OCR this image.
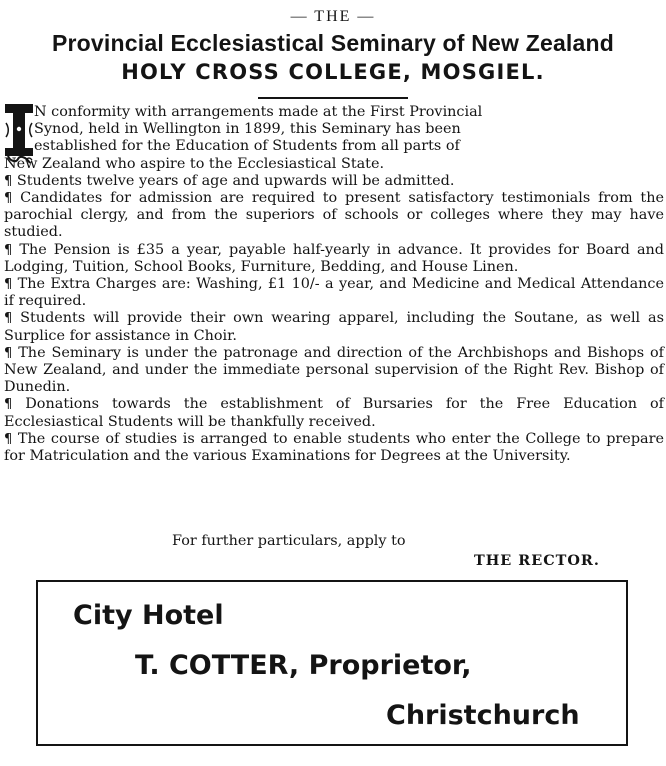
— THE —
Provincial Ecclesiastical Seminary of New Zealand
HOLY CROSS COLLEGE, MOSGIEL.

N conformity with arrangements made at the First Provincial
Synod, held in Wellington in 1899, this Seminary has been
established for the Education of Students from all parts of

New Zealand who aspire to the Ecclesiastical State.

¶ Students twelve years of age and upwards will be admitted.

¶ Candidates for admission are required to present satisfactory testimonials from the parochial clergy, and from the superiors of schools or colleges where they may have studied.

¶ The Pension is £35 a year, payable half-yearly in advance. It provides for Board and Lodging, Tuition, School Books, Furniture, Bedding, and House Linen.

¶ The Extra Charges are: Washing, £1 10/- a year, and Medicine and Medical Attendance if required.

¶ Students will provide their own wearing apparel, including the Soutane, as well as Surplice for assistance in Choir.

¶ The Seminary is under the patronage and direction of the Archbishops and Bishops of New Zealand, and under the immediate personal supervision of the Right Rev. Bishop of Dunedin.

¶ Donations towards the establishment of Bursaries for the Free Education of Ecclesiastical Students will be thankfully received.

¶ The course of studies is arranged to enable students who enter the College to prepare for Matriculation and the various Examinations for Degrees at the University.

For further particulars, apply to
THE RECTOR.
City Hotel
T. COTTER, Proprietor,
Christchurch
